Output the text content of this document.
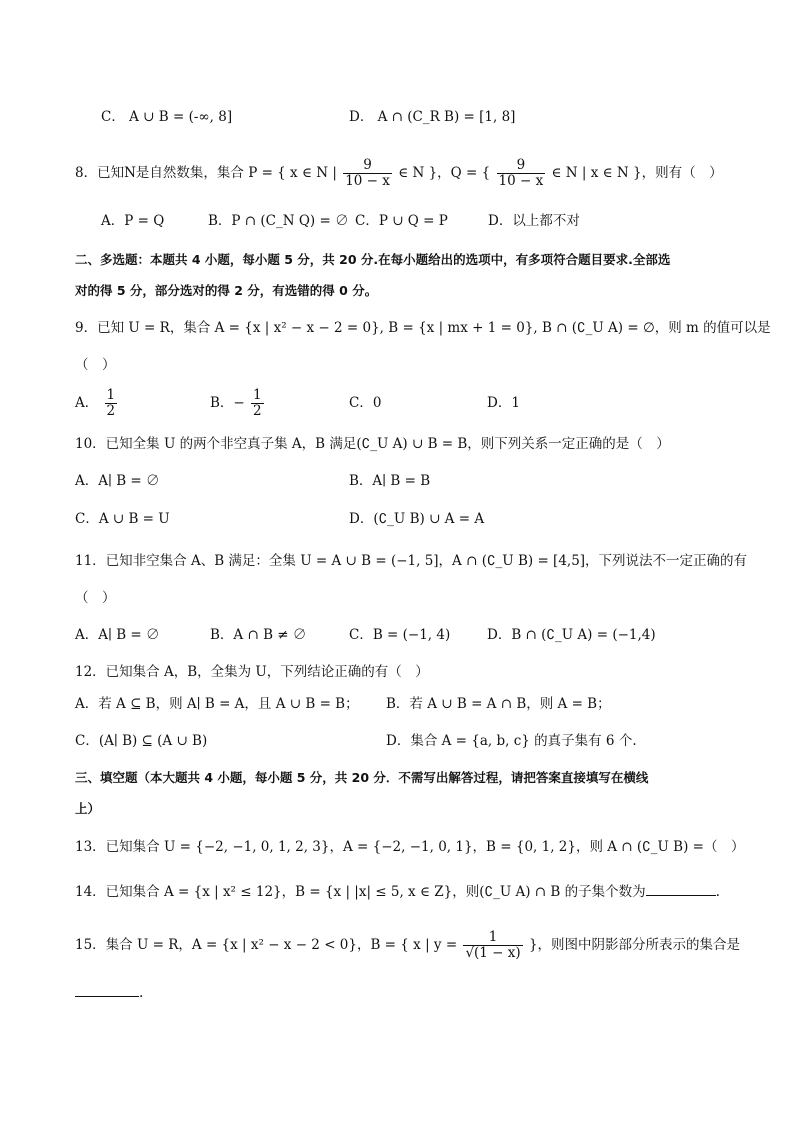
C． A ∪ B = (-∞, 8]	D． A ∩ (C_R B) = [1, 8]
8．已知N是自然数集，集合 P = { x ∈ N | $\frac{9}{10 - x}$ ∈ N }，Q = { $\frac{9}{10 - x}$ ∈ N | x ∈ N }，则有（　）
A．P = Q	B．P ∩ (C_N Q) = ∅ C．P ∪ Q = P	D．以上都不对
二、多选题：本题共 4 小题，每小题 5 分，共 20 分.在每小题给出的选项中，有多项符合题目要求.全部选
对的得 5 分，部分选对的得 2 分，有选错的得 0 分。
9．已知 U = R，集合 A = {x | x² − x − 2 = 0}, B = {x | mx + 1 = 0}, B ∩ (∁_U A) = ∅，则 m 的值可以是
（　）
A． $\frac{1}{2}$	B．− $\frac{1}{2}$	C．0	D．1
10．已知全集 U 的两个非空真子集 A，B 满足(∁_U A) ∪ B = B，则下列关系一定正确的是（　）
A．A∣ B = ∅	B．A∣ B = B
C．A ∪ B = U	D．(∁_U B) ∪ A = A
11．已知非空集合 A、B 满足：全集 U = A ∪ B = (−1, 5]，A ∩ (∁_U B) = [4,5]，下列说法不一定正确的有
（　）
A．A∣ B = ∅	B．A ∩ B ≠ ∅	C．B = (−1, 4)	D．B ∩ (∁_U A) = (−1,4)
12．已知集合 A，B，全集为 U，下列结论正确的有（　）
A．若 A ⊆ B，则 A∣ B = A，且 A ∪ B = B； B．若 A ∪ B = A ∩ B，则 A = B；
C．(A∣ B) ⊆ (A ∪ B)	D．集合 A = {a, b, c} 的真子集有 6 个.
三、填空题（本大题共 4 小题，每小题 5 分，共 20 分．不需写出解答过程，请把答案直接填写在横线
上）
13．已知集合 U = {−2, −1, 0, 1, 2, 3}，A = {−2, −1, 0, 1}，B = {0, 1, 2}，则 A ∩ (∁_U B) =（　）
14．已知集合 A = {x | x² ≤ 12}，B = {x | |x| ≤ 5, x ∈ Z}，则(∁_U A) ∩ B 的子集个数为	.
15．集合 U = R，A = {x | x² − x − 2 < 0}，B = { x | $y = \frac{1}{√(1 - x)}$ }，则图中阴影部分所表示的集合是
.
